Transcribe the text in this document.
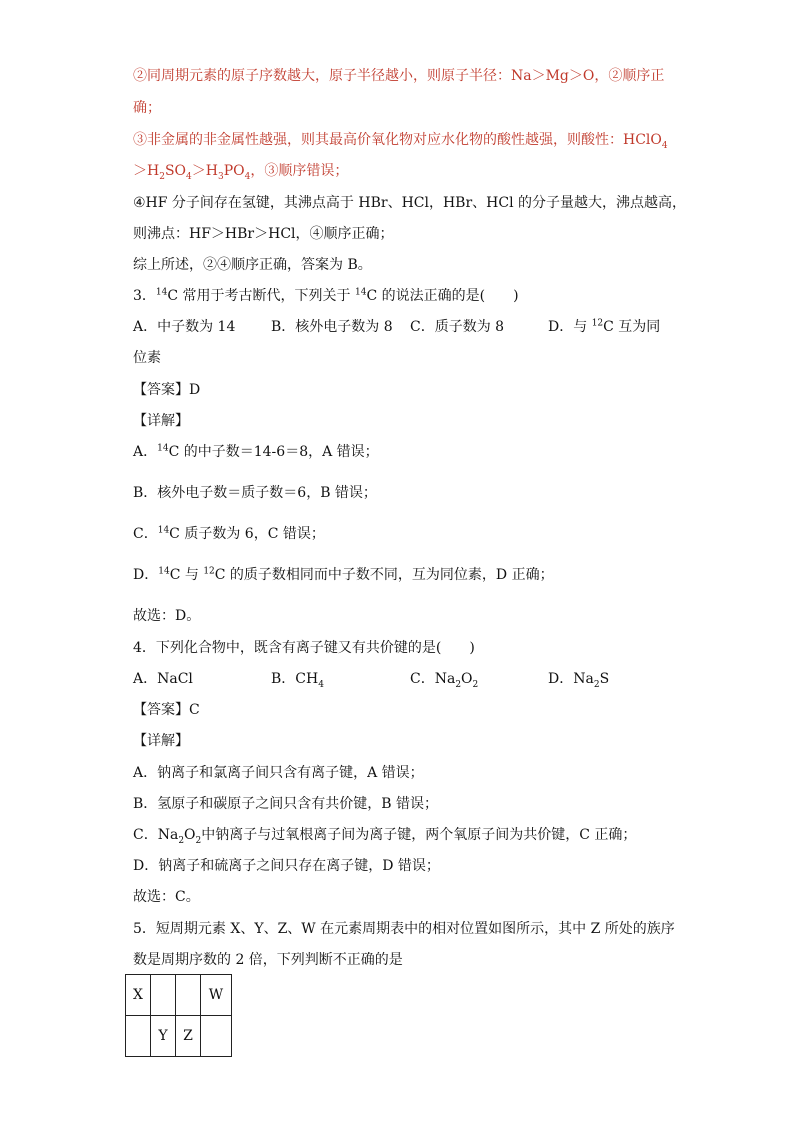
②同周期元素的原子序数越大，原子半径越小，则原子半径：Na＞Mg＞O，②顺序正
确；
③非金属的非金属性越强，则其最高价氧化物对应水化物的酸性越强，则酸性：HClO$_4$
$>H_2SO_4>H_3PO_4$，③顺序错误；
④HF 分子间存在氢键，其沸点高于 HBr、HCl，HBr、HCl 的分子量越大，沸点越高，
则沸点：HF＞HBr＞HCl，④顺序正确；
综上所述，②④顺序正确，答案为 B。
3．$^{14}$C 常用于考古断代，下列关于 $^{14}$C 的说法正确的是(　　)
A．中子数为 14	B．核外电子数为 8 C．质子数为 8	D．与 $^{12}$C 互为同
位素
【答案】D
【详解】
A．$^{14}$C 的中子数＝14-6＝8，A 错误；
B．核外电子数＝质子数＝6，B 错误；
C．$^{14}$C 质子数为 6，C 错误；
D．$^{14}$C 与 $^{12}$C 的质子数相同而中子数不同，互为同位素，D 正确；
故选：D。
4．下列化合物中，既含有离子键又有共价键的是(　　)
A．NaCl	B．$CH_4$	C．$Na_2O_2$	D．$Na_2S$
【答案】C
【详解】
A．钠离子和氯离子间只含有离子键，A 错误；
B．氢原子和碳原子之间只含有共价键，B 错误；
C．$Na_2O_2$中钠离子与过氧根离子间为离子键，两个氧原子间为共价键，C 正确；
D．钠离子和硫离子之间只存在离子键，D 错误；
故选：C。
5．短周期元素 X、Y、Z、W 在元素周期表中的相对位置如图所示，其中 Z 所处的族序
数是周期序数的 2 倍，下列判断不正确的是
X			W
	Y	Z	
